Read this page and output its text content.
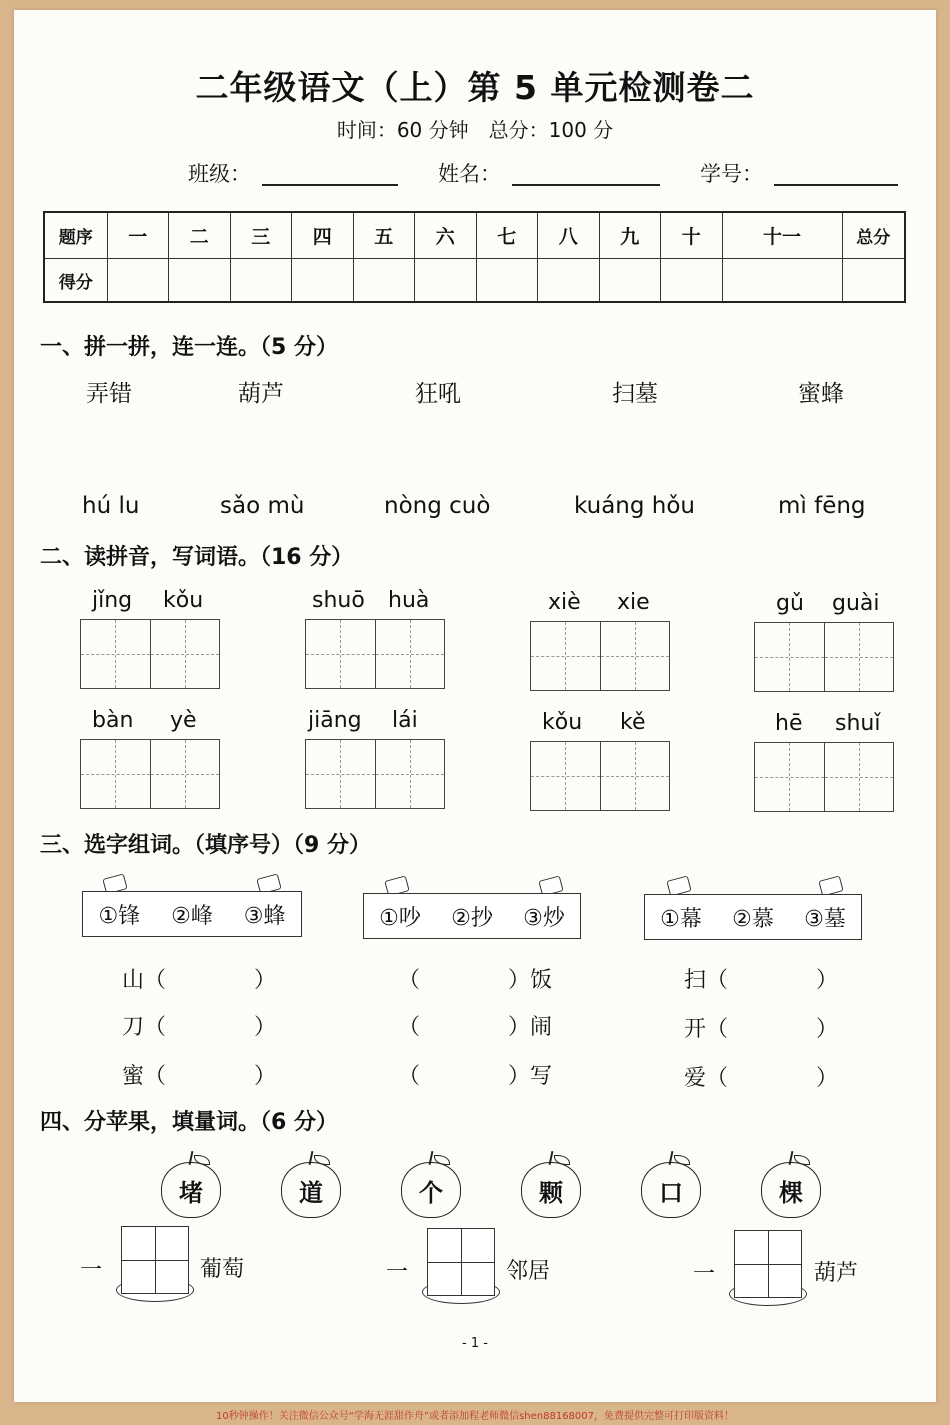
二年级语文（上）第 5 单元检测卷二
时间：60 分钟　总分：100 分
班级：	姓名：	学号：
题序	一	二	三	四	五	六	七	八	九	十	十一	总分
得分												
一、拼一拼，连一连。（5 分）
弄错	葫芦	狂吼	扫墓	蜜蜂
hú lu	sǎo mù	nòng cuò	kuáng hǒu	mì fēng
二、读拼音，写词语。（16 分）
jǐng kǒu	shuō huà	xiè xie	gǔ guài
bàn yè	jiāng lái	kǒu kě	hē shuǐ
三、选字组词。（填序号）（9 分）
①锋 ②峰 ③蜂	①吵 ②抄 ③炒	①幕 ②慕 ③墓
山（　　　　）
刀（　　　　）
蜜（　　　　）
（　　　　）饭
（　　　　）闹
（　　　　）写
扫（　　　　）
开（　　　　）
爱（　　　　）
四、分苹果，填量词。（6 分）
堵	道	个	颗	口	棵
一	葡萄	一	邻居	一	葫芦
- 1 -
10秒钟操作！关注微信公众号“学海无涯甜作舟”或者添加程老师微信shen88168007，免费提供完整可打印版资料！
